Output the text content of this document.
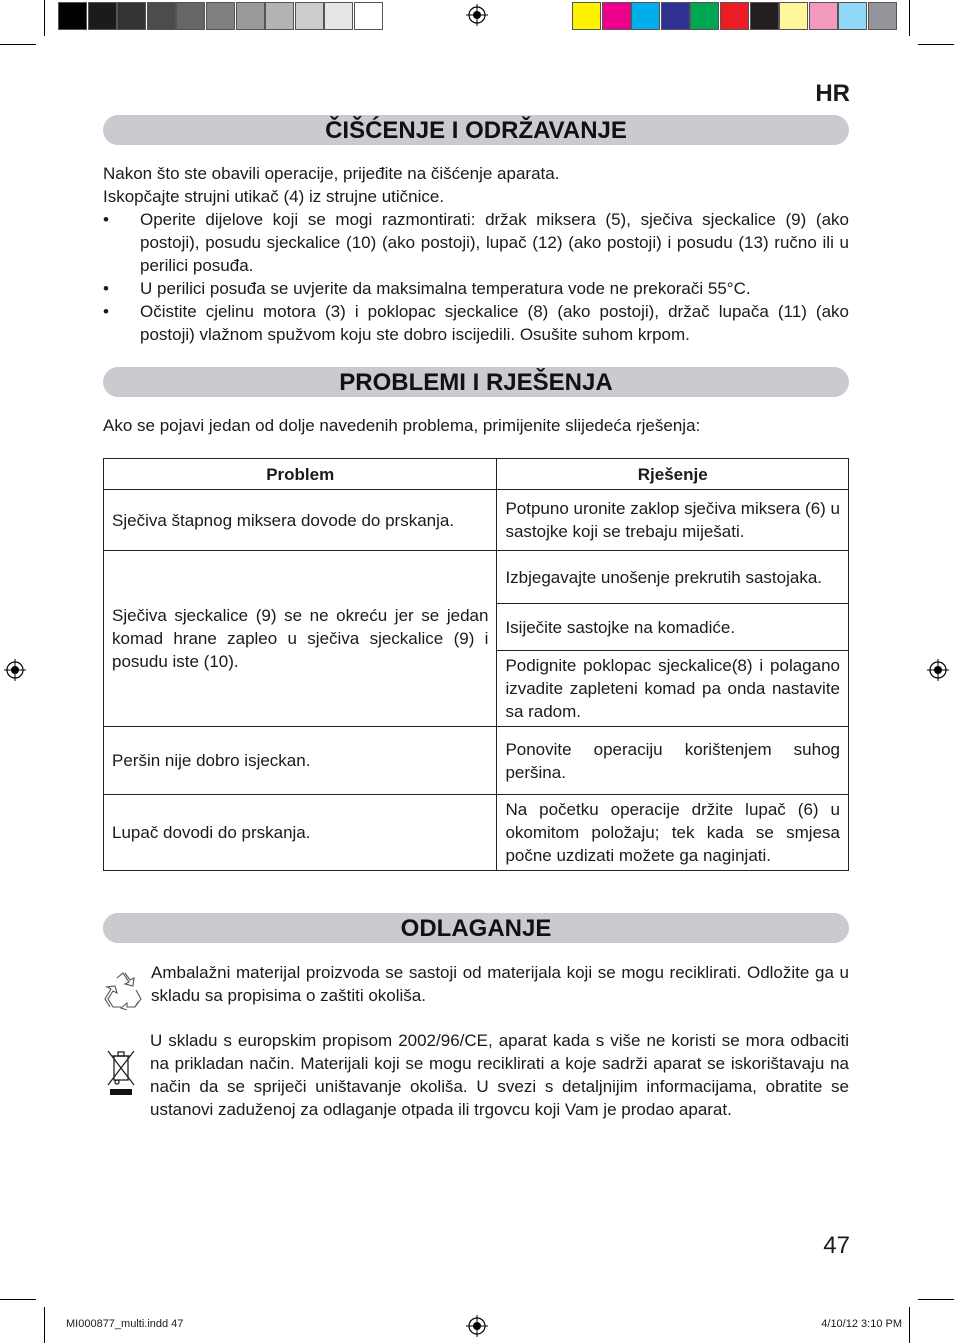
HR
ČIŠĆENJE I ODRŽAVANJE
Nakon što ste obavili operacije, prijeđite na čišćenje aparata.
Iskopčajte strujni utikač (4) iz strujne utičnice.
• Operite dijelove koji se mogi razmontirati: držak miksera (5), sječiva sjeckalice (9) (ako postoji), posudu sjeckalice (10) (ako postoji), lupač (12) (ako postoji) i posudu (13) ručno ili u perilici posuđa.
• U perilici posuđa se uvjerite da maksimalna temperatura vode ne prekorači 55°C.
• Očistite cjelinu motora (3) i poklopac sjeckalice (8) (ako postoji), držač lupača (11) (ako postoji) vlažnom spužvom koju ste dobro iscijedili. Osušite suhom krpom.
PROBLEMI I RJEŠENJA
Ako se pojavi jedan od dolje navedenih problema, primijenite slijedeća rješenja:
Problem	Rješenje
Sječiva štapnog miksera dovode do prskanja.	Potpuno uronite zaklop sječiva miksera (6) u sastojke koji se trebaju miješati.
Sječiva sjeckalice (9) se ne okreću jer se jedan komad hrane zapleo u sječiva sjeckalice (9) i posudu iste (10).	Izbjegavajte unošenje prekrutih sastojaka.
	Isiječite sastojke na komadiće.
	Podignite poklopac sjeckalice(8) i polagano izvadite zapleteni komad pa onda nastavite sa radom.
Peršin nije dobro isjeckan.	Ponovite operaciju korištenjem suhog peršina.
Lupač dovodi do prskanja.	Na početku operacije držite lupač (6) u okomitom položaju; tek kada se smjesa počne uzdizati možete ga naginjati.
ODLAGANJE
Ambalažni materijal proizvoda se sastoji od materijala koji se mogu reciklirati. Odložite ga u skladu sa propisima o zaštiti okoliša.
U skladu s europskim propisom 2002/96/CE, aparat kada s više ne koristi se mora odbaciti na prikladan način. Materijali koji se mogu reciklirati a koje sadrži aparat se iskorištavaju na način da se spriječi uništavanje okoliša. U svezi s detaljnijim informacijama, obratite se ustanovi zaduženoj za odlaganje otpada ili trgovcu koji Vam je prodao aparat.
47
MI000877_multi.indd 47	4/10/12 3:10 PM
